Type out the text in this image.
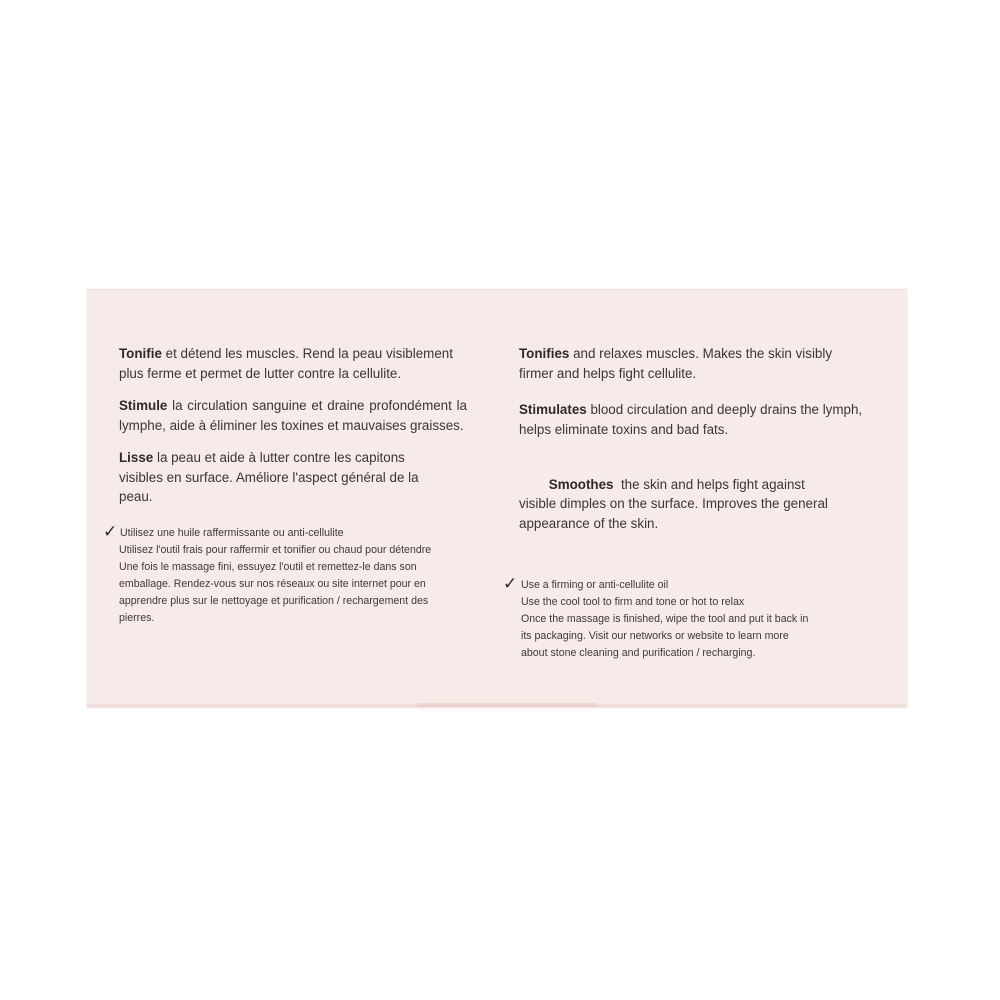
Tonifie et détend les muscles. Rend la peau visiblement plus ferme et permet de lutter contre la cellulite.

Stimule la circulation sanguine et draine profondément la lymphe, aide à éliminer les toxines et mauvaises graisses.

Lisse la peau et aide à lutter contre les capitons visibles en surface. Améliore l'aspect général de la peau.

✓ Utilisez une huile raffermissante ou anti-cellulite
Utilisez l'outil frais pour raffermir et tonifier ou chaud pour détendre
Une fois le massage fini, essuyez l'outil et remettez-le dans son
emballage. Rendez-vous sur nos réseaux ou site internet pour en
apprendre plus sur le nettoyage et purification / rechargement des
pierres.

Tonifies and relaxes muscles. Makes the skin visibly firmer and helps fight cellulite.

Stimulates blood circulation and deeply drains the lymph, helps eliminate toxins and bad fats.

Smoothes  the skin and helps fight against visible dimples on the surface. Improves the general appearance of the skin.

✓ Use a firming or anti-cellulite oil
Use the cool tool to firm and tone or hot to relax
Once the massage is finished, wipe the tool and put it back in
its packaging. Visit our networks or website to learn more
about stone cleaning and purification / recharging.
